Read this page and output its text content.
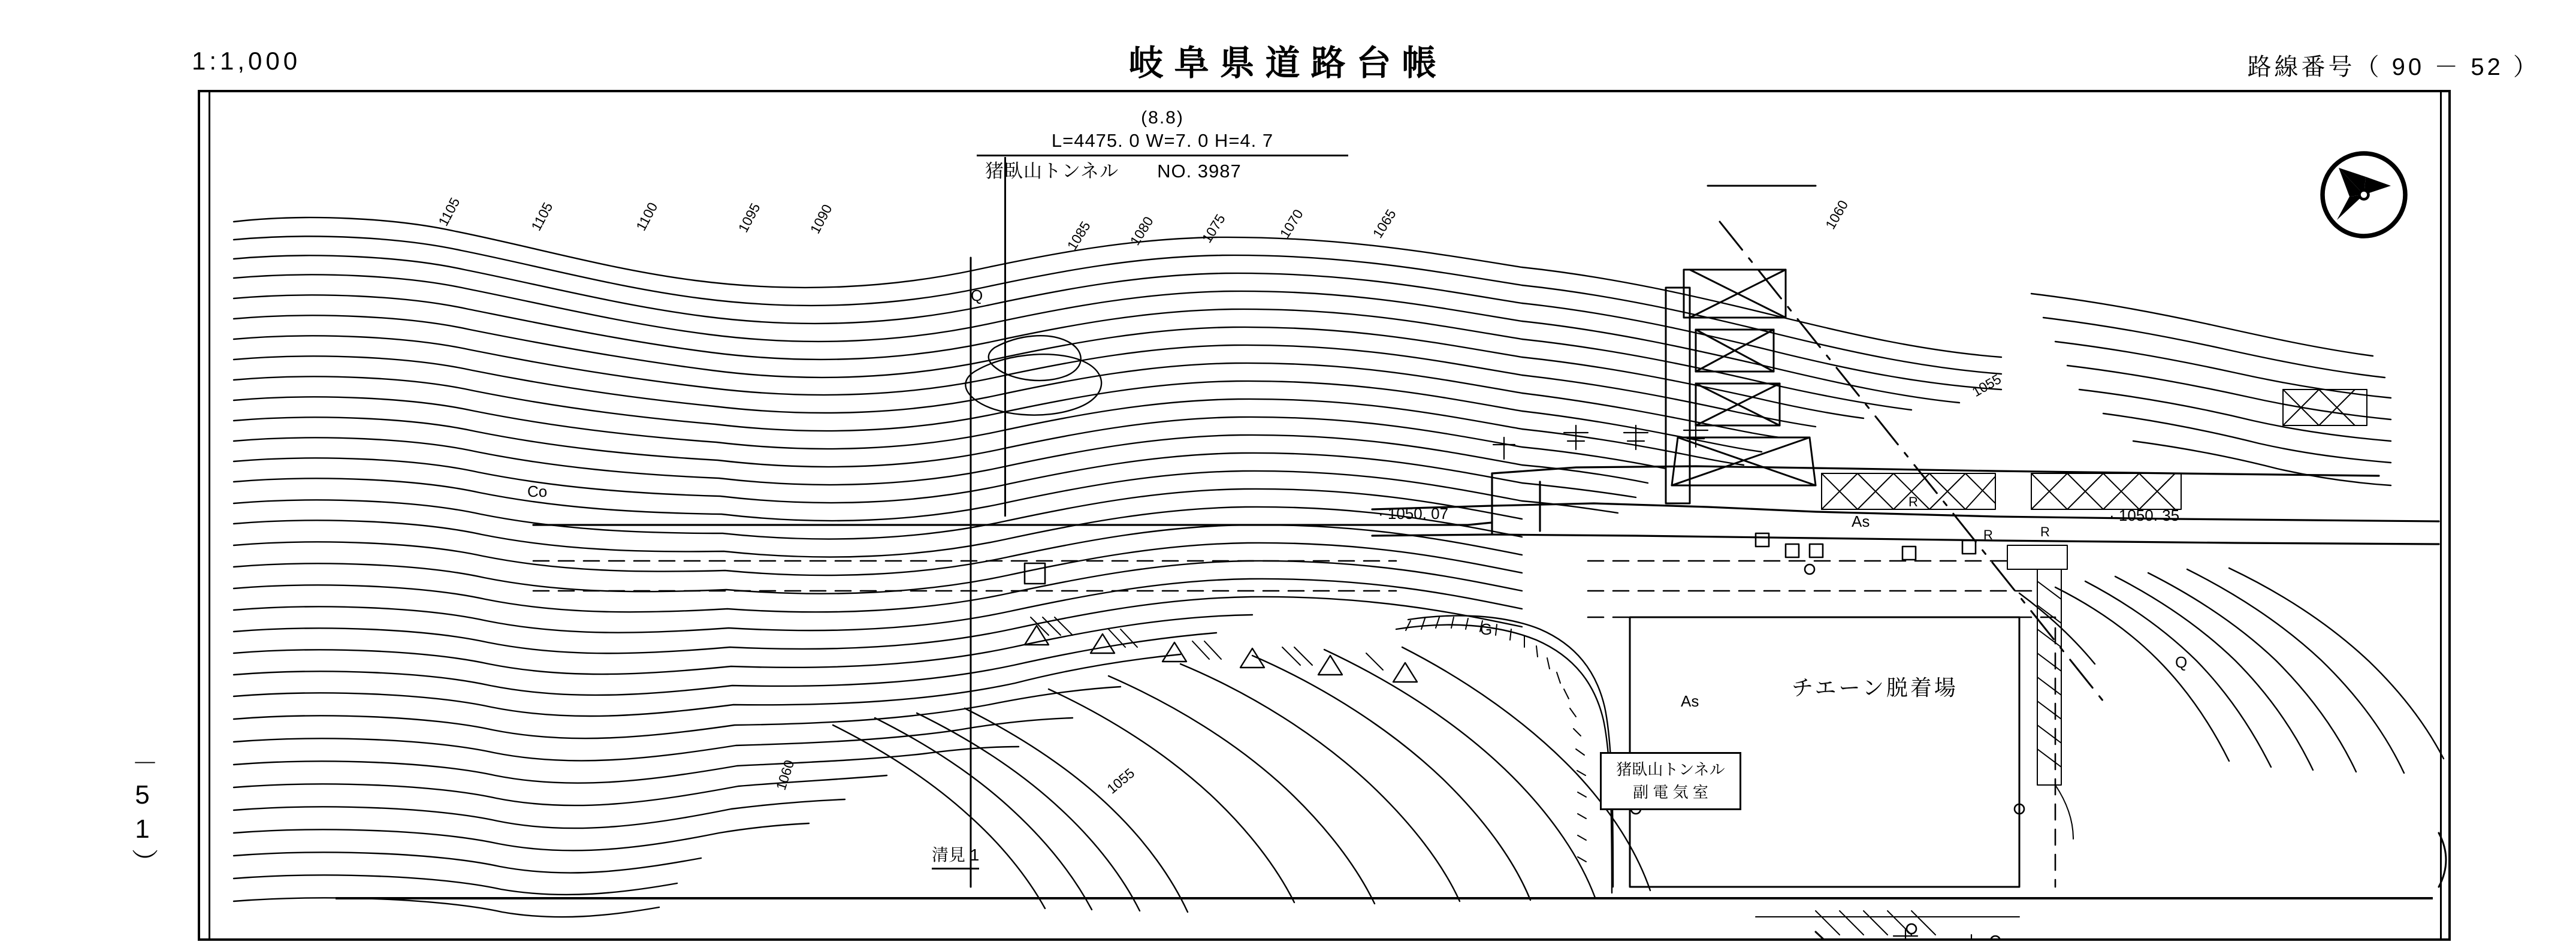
1:1,000	岐阜県道路台帳	路線番号（ 90 － 52 ）
－51）
(8.8)
L=4475. 0 W=7. 0 H=4. 7
猪臥山トンネル　　NO. 3987
1105	1105	1100	1095	1090	1085 1080	1075	1070	1065	1060
1055
1060	1055
· 1050. 07	· 1050. 35
Q
Co
As
As
Q
G
R
R	R
チエーン脱着場
猪臥山トンネル
副 電 気 室
清見 1
